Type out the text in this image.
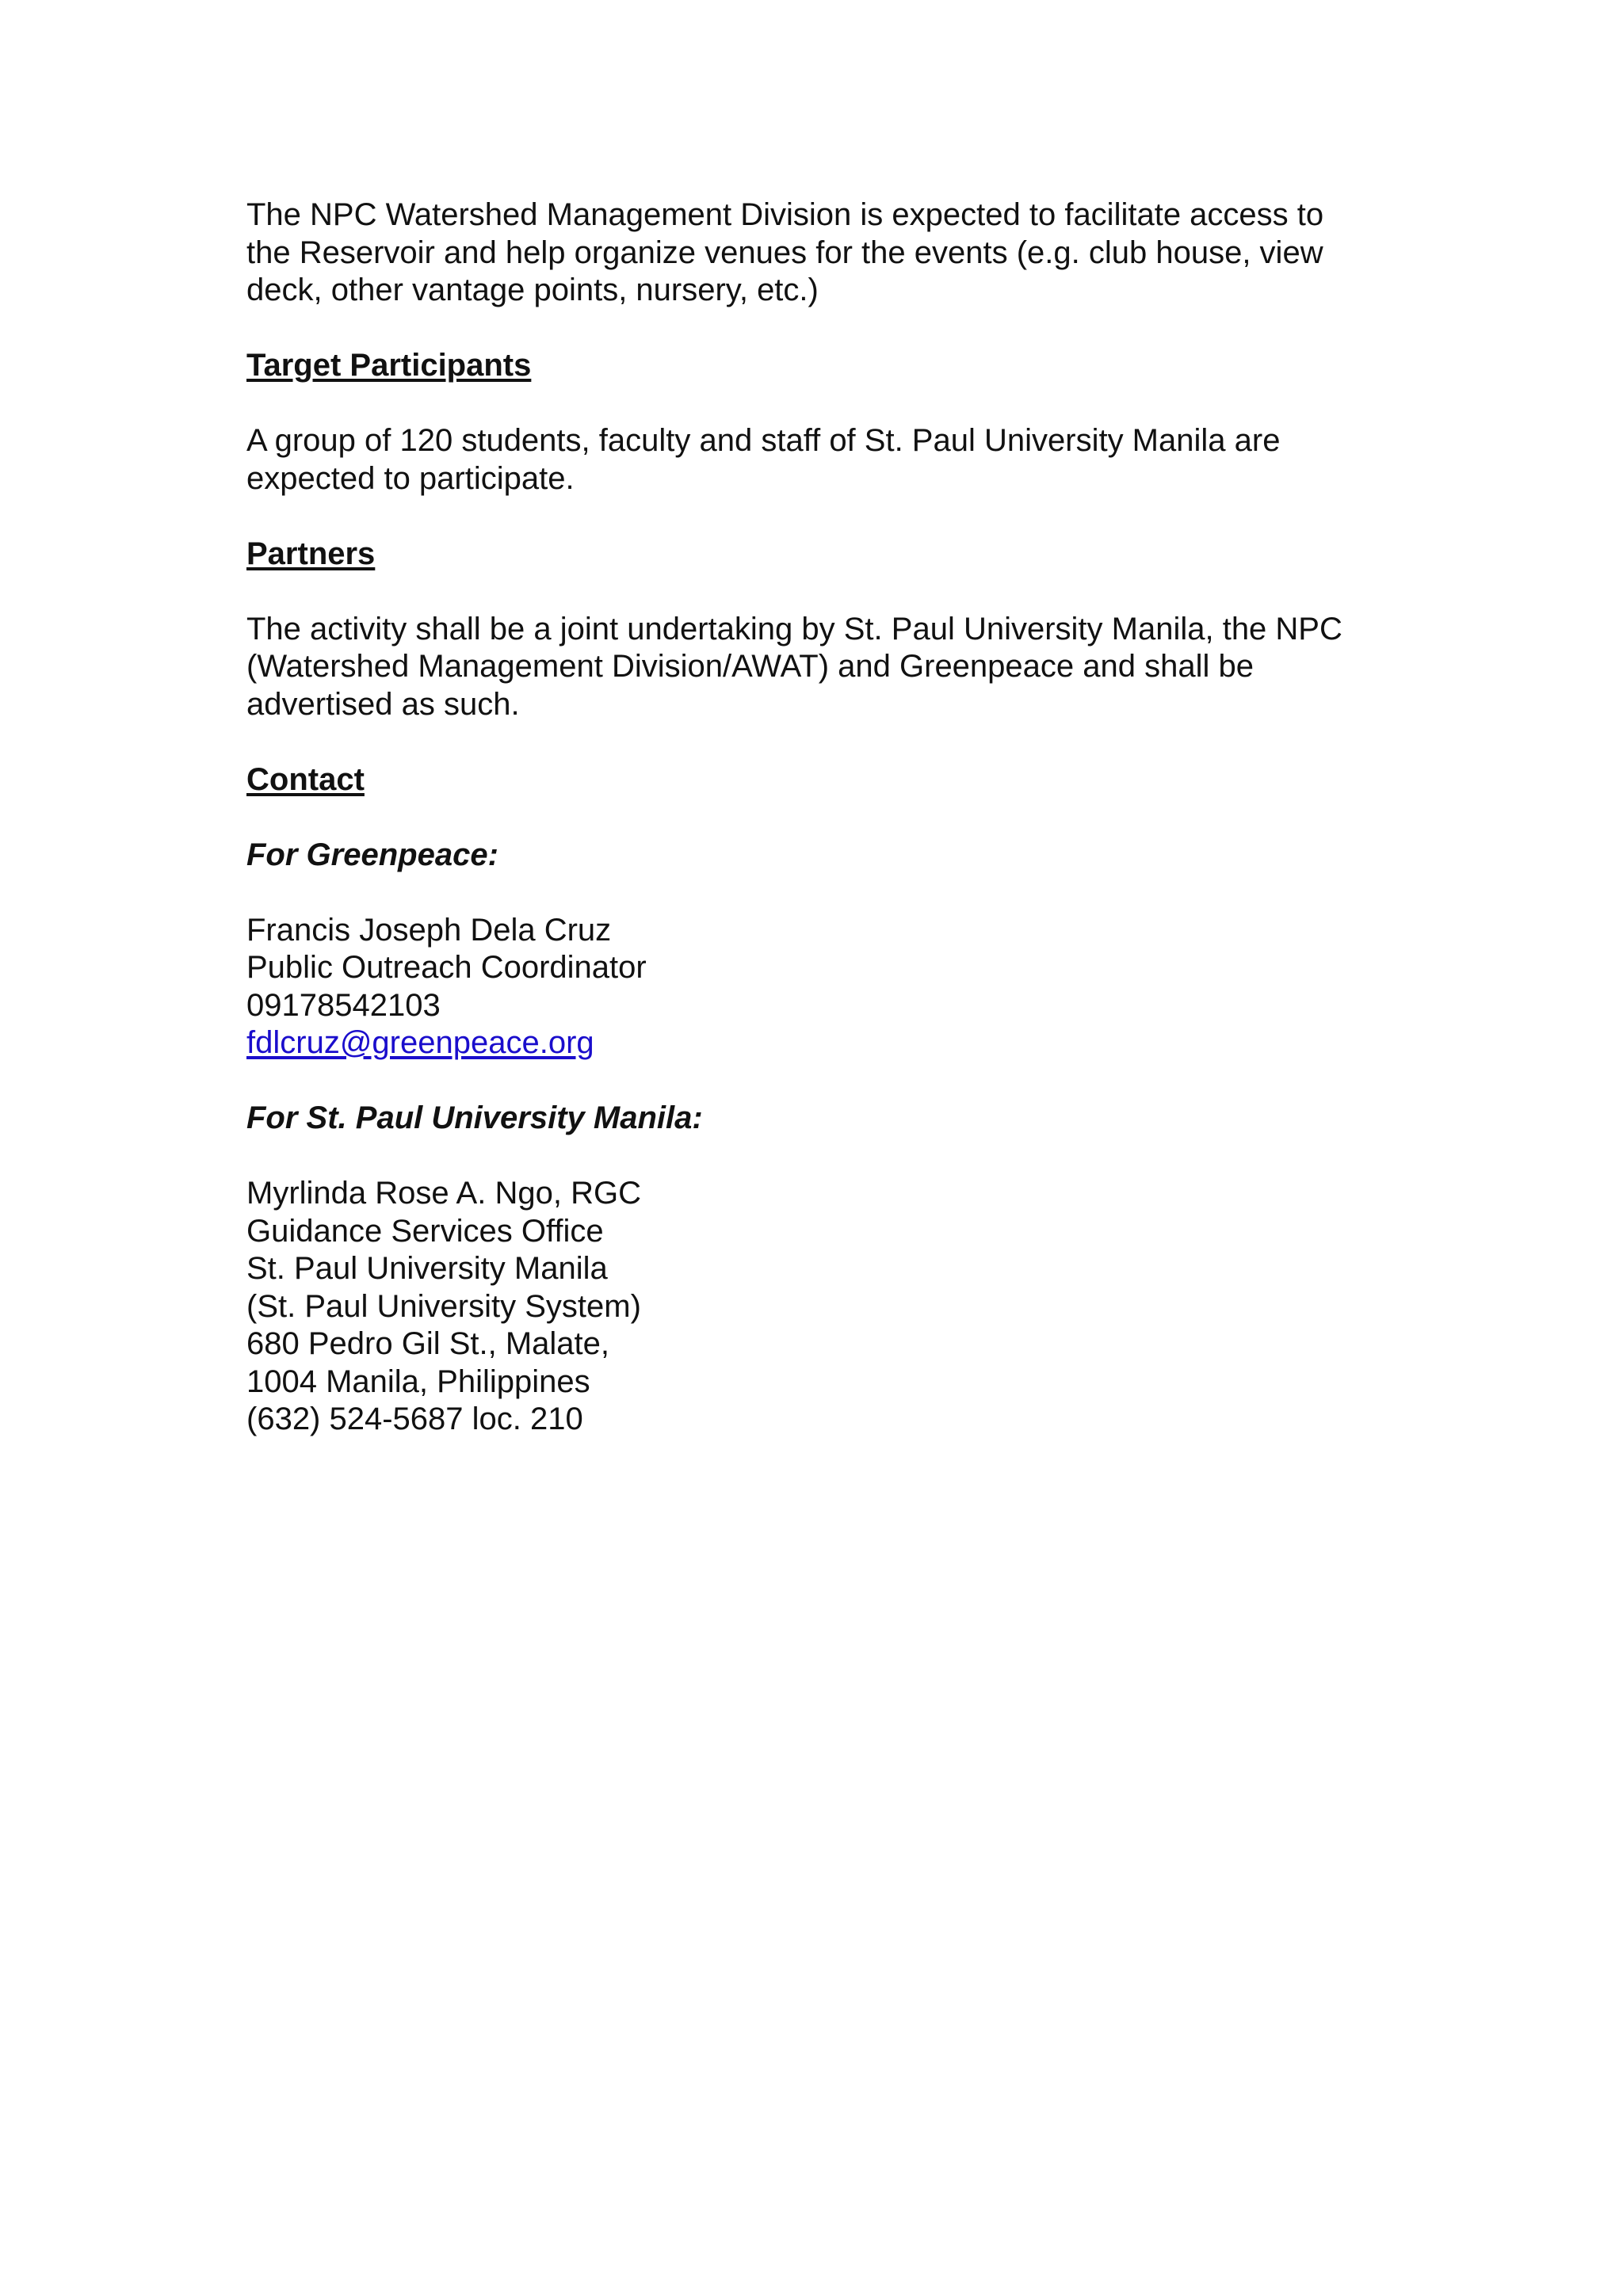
The NPC Watershed Management Division is expected to facilitate access to
the Reservoir and help organize venues for the events (e.g. club house, view
deck, other vantage points, nursery, etc.)

Target Participants

A group of 120 students, faculty and staff of St. Paul University Manila are
expected to participate.

Partners

The activity shall be a joint undertaking by St. Paul University Manila, the NPC
(Watershed Management Division/AWAT) and Greenpeace and shall be
advertised as such.

Contact

For Greenpeace:

Francis Joseph Dela Cruz
Public Outreach Coordinator
09178542103
fdlcruz@greenpeace.org

For St. Paul University Manila:

Myrlinda Rose A. Ngo, RGC
Guidance Services Office
St. Paul University Manila
(St. Paul University System)
680 Pedro Gil St., Malate,
1004 Manila, Philippines
(632) 524-5687 loc. 210
